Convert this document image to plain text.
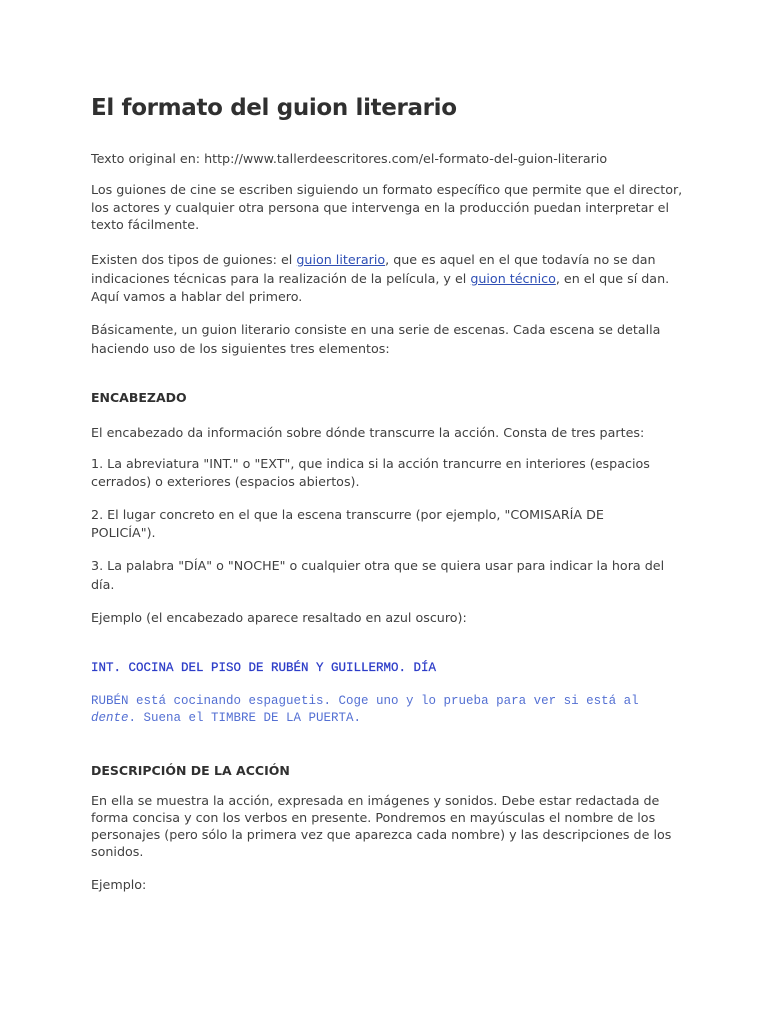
El formato del guion literario
Texto original en: http://www.tallerdeescritores.com/el-formato-del-guion-literario
Los guiones de cine se escriben siguiendo un formato específico que permite que el director,
los actores y cualquier otra persona que intervenga en la producción puedan interpretar el
texto fácilmente.
Existen dos tipos de guiones: el guion literario, que es aquel en el que todavía no se dan
indicaciones técnicas para la realización de la película, y el guion técnico, en el que sí dan.
Aquí vamos a hablar del primero.
Básicamente, un guion literario consiste en una serie de escenas. Cada escena se detalla
haciendo uso de los siguientes tres elementos:
ENCABEZADO
El encabezado da información sobre dónde transcurre la acción. Consta de tres partes:
1. La abreviatura "INT." o "EXT", que indica si la acción trancurre en interiores (espacios
cerrados) o exteriores (espacios abiertos).
2. El lugar concreto en el que la escena transcurre (por ejemplo, "COMISARÍA DE
POLICÍA").
3. La palabra "DÍA" o "NOCHE" o cualquier otra que se quiera usar para indicar la hora del
día.
Ejemplo (el encabezado aparece resaltado en azul oscuro):
INT. COCINA DEL PISO DE RUBÉN Y GUILLERMO. DÍA
RUBÉN está cocinando espaguetis. Coge uno y lo prueba para ver si está al
dente. Suena el TIMBRE DE LA PUERTA.
DESCRIPCIÓN DE LA ACCIÓN
En ella se muestra la acción, expresada en imágenes y sonidos. Debe estar redactada de
forma concisa y con los verbos en presente. Pondremos en mayúsculas el nombre de los
personajes (pero sólo la primera vez que aparezca cada nombre) y las descripciones de los
sonidos.
Ejemplo:
